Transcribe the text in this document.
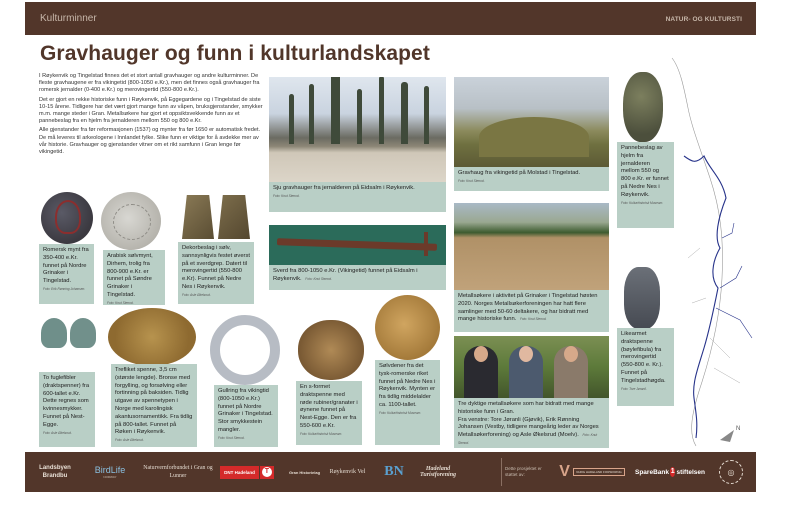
Kulturminner	NATUR- OG KULTURSTI
Gravhauger og funn i kulturlandskapet

I Røykenvik og Tingelstad finnes det et stort antall gravhauger og andre kulturminner. De fleste gravhaugene er fra vikingetid (800-1050 e.Kr.), men det finnes også gravhauger fra romersk jernalder (0-400 e.Kr.) og merovingertid (550-800 e.Kr.).

Det er gjort en rekke historiske funn i Røykenvik, på Eggegardene og i Tingelstad de siste 10-15 årene. Tidligere har det vært gjort mange funn av våpen, bruksgjenstander, smykker m.m. mange steder i Gran. Metallsøkere har gjort et oppsiktsvekkende funn av et pannebeslag fra en hjelm fra jernalderen mellom 550 og 800 e.Kr.

Alle gjenstander fra før reformasjonen (1537) og mynter fra før 1650 er automatisk fredet. De må leveres til arkeologene i Innlandet fylke. Slike funn er viktige for å avdekke mer av vår historie. Gravhauger og gjenstander vitner om et rikt samfunn i Gran lenge før vikingetid.

Sju gravhauger fra jernalderen på Eidsalm i Røykenvik.
Foto: Knut Stenod.
Gravhaug fra vikingetid på Molstad i Tingelstad.
Foto: Knut Stenod.
Sverd fra 800-1050 e.Kr. (Vikingetid) funnet på Eidsalm i Røykenvik. Foto: Knut Stenod.
Metallsøkere i aktivitet på Grinaker i Tingelstad høsten 2020. Norges Metallsøkerforeningen har hatt flere samlinger med 50-60 deltakere, og har bidratt med mange historiske funn. Foto: Knut Stenod.
Tre dyktige metallsøkere som har bidratt med mange historiske funn i Gran.
Fra venstre: Tore Jøranli (Gjøvik), Erik Rønning Johansen (Vestby, tidligere mangeårig leder av Norges Metallsøkerforening) og Asle Økelsrud (Moelv). Foto: Knut Stenod.
Romersk mynt fra 350-400 e.Kr. funnet på Nordre Grinaker i Tingelstad.
Foto: Erik Rønning Johansen.
Arabisk sølvmynt, Dirhem, trolig fra 800-900 e.Kr. er funnet på Søndre Grinaker i Tingelstad.
Foto: Knut Stenod.
Dekorbeslag i sølv, sannsynligvis festet øverst på et sverdgrep. Datert til merovingertid (550-800 e.Kr). Funnet på Nedre Nes i Røykenvik.
Foto: Asle Økelsrud.
Pannebeslag av hjelm fra jernalderen mellom 550 og 800 e.Kr. er funnet på Nedre Nes i Røykenvik.
Foto: Kulturhistorisk Museum.
Likearmet draktspenne (bøylefibula) fra merovingertid (550-800 e. Kr.). Funnet på Tingelstadhøgda.
Foto: Tore Jøranli.
To fuglefibler (draktspenner) fra 600-tallet e.Kr. Dette regnes som kvinnesmykker. Funnet på Nest-Egge.
Foto: Asle Økelsrud.
Trefliket spenne, 3,5 cm (største lengde). Bronse med forgylling, og forsølving eller fortinning på baksiden. Tidlig utgave av spennetypen i Norge med karolingisk akantusornamentikk. Fra tidlig på 800-tallet. Funnet på Røken i Røykenvik.
Foto: Asle Økelsrud.
Gullring fra vikingtid (800-1050 e.Kr.) funnet på Nordre Grinaker i Tingelstad. Stor smykkestein mangler.
Foto: Knut Stenod.
En s-formet draktspenne med røde rubiner/granater i øynene funnet på Nest-Egge. Den er fra 550-600 e.Kr.
Foto: Kulturhistorisk Museum.
Sølvdener fra det tysk-romerske riket funnet på Nedre Nes i Røykenvik. Mynten er fra tidlig middelalder ca. 1100-tallet.
Foto: Kulturhistorisk Museum.
N
Landsbyen Brandbu
BirdLife
NORWAY
Naturvernforbundet i Gran og Lunner
DNT Hadeland	T	Gran Historielag	Røykenvik Vel	BN	Hadeland Turistforening
Dette prosjektet er støttet av:	V	VARIG HADELAND FORSIKRING	SpareBank 1 stiftelsen	◎
